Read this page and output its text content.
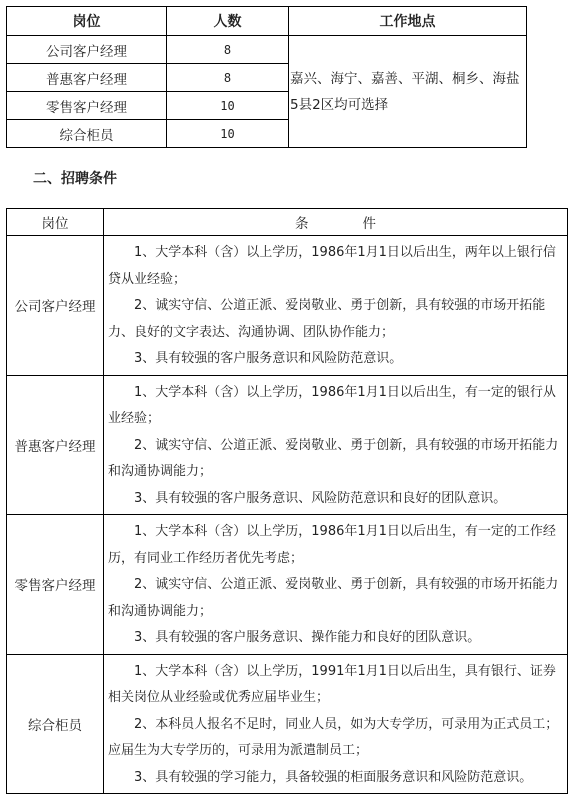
岗位	人数	工作地点
公司客户经理	8	嘉兴、海宁、嘉善、平湖、桐乡、海盐5县2区均可选择
普惠客户经理	8	
零售客户经理	10	
综合柜员	10	
二、招聘条件
岗位	条　　　　件
公司客户经理	1、大学本科（含）以上学历，1986年1月1日以后出生，两年以上银行信贷从业经验；

2、诚实守信、公道正派、爱岗敬业、勇于创新，具有较强的市场开拓能力、良好的文字表达、沟通协调、团队协作能力；

3、具有较强的客户服务意识和风险防范意识。

普惠客户经理	1、大学本科（含）以上学历，1986年1月1日以后出生，有一定的银行从业经验；

2、诚实守信、公道正派、爱岗敬业、勇于创新，具有较强的市场开拓能力和沟通协调能力；

3、具有较强的客户服务意识、风险防范意识和良好的团队意识。

零售客户经理	1、大学本科（含）以上学历，1986年1月1日以后出生，有一定的工作经历，有同业工作经历者优先考虑；

2、诚实守信、公道正派、爱岗敬业、勇于创新，具有较强的市场开拓能力和沟通协调能力；

3、具有较强的客户服务意识、操作能力和良好的团队意识。

综合柜员	1、大学本科（含）以上学历，1991年1月1日以后出生，具有银行、证券相关岗位从业经验或优秀应届毕业生；

2、本科员人报名不足时，同业人员，如为大专学历，可录用为正式员工；应届生为大专学历的，可录用为派遣制员工；

3、具有较强的学习能力，具备较强的柜面服务意识和风险防范意识。
